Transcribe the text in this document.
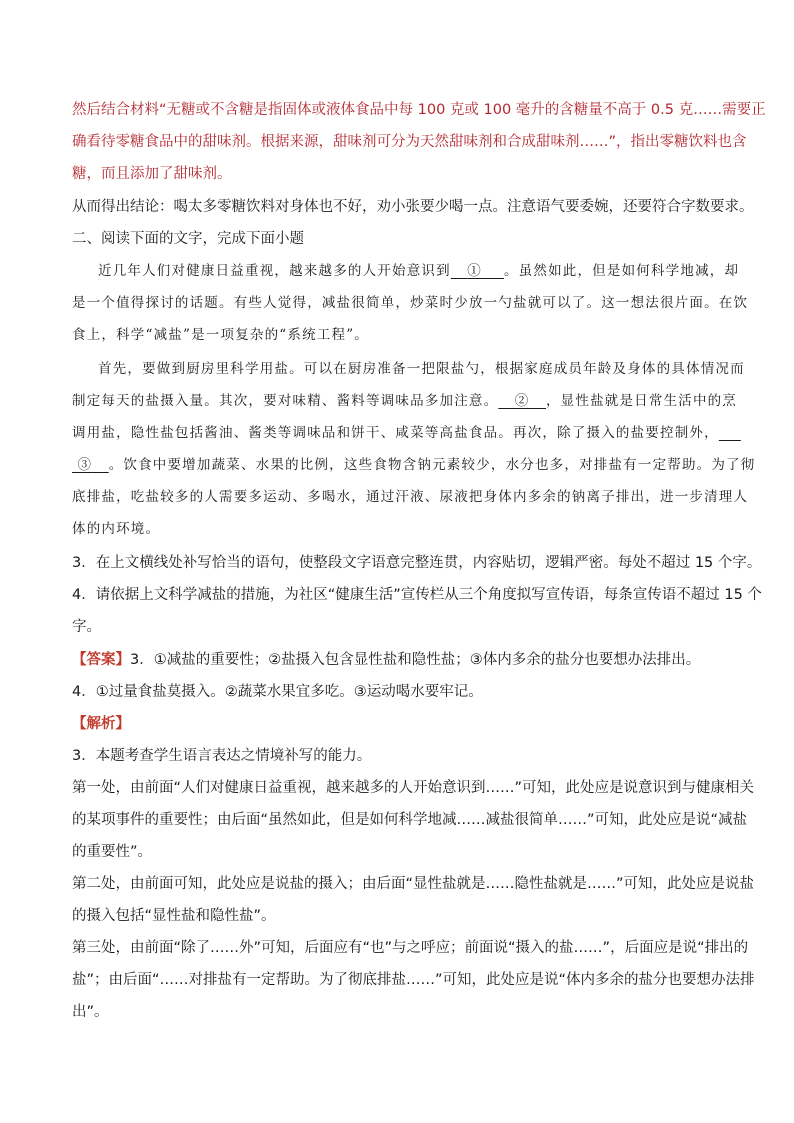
然后结合材料“无糖或不含糖是指固体或液体食品中每 100 克或 100 毫升的含糖量不高于 0.5 克……需要正
确看待零糖食品中的甜味剂。根据来源，甜味剂可分为天然甜味剂和合成甜味剂……”，指出零糖饮料也含
糖，而且添加了甜味剂。
从而得出结论：喝太多零糖饮料对身体也不好，劝小张要少喝一点。注意语气要委婉，还要符合字数要求。
二、阅读下面的文字，完成下面小题
近几年人们对健康日益重视，越来越多的人开始意识到 ① 。虽然如此，但是如何科学地减，却
是一个值得探讨的话题。有些人觉得，减盐很简单，炒菜时少放一勺盐就可以了。这一想法很片面。在饮
食上，科学“减盐”是一项复杂的“系统工程”。
首先，要做到厨房里科学用盐。可以在厨房准备一把限盐勺，根据家庭成员年龄及身体的具体情况而
制定每天的盐摄入量。其次，要对味精、酱料等调味品多加注意。 ② ，显性盐就是日常生活中的烹
调用盐，隐性盐包括酱油、酱类等调味品和饼干、咸菜等高盐食品。再次，除了摄入的盐要控制外，
③ 。饮食中要增加蔬菜、水果的比例，这些食物含钠元素较少，水分也多，对排盐有一定帮助。为了彻
底排盐，吃盐较多的人需要多运动、多喝水，通过汗液、尿液把身体内多余的钠离子排出，进一步清理人
体的内环境。
3．在上文横线处补写恰当的语句，使整段文字语意完整连贯，内容贴切，逻辑严密。每处不超过 15 个字。
4．请依据上文科学减盐的措施，为社区“健康生活”宣传栏从三个角度拟写宣传语，每条宣传语不超过 15 个
字。
【答案】3．①减盐的重要性；②盐摄入包含显性盐和隐性盐；③体内多余的盐分也要想办法排出。
4．①过量食盐莫摄入。②蔬菜水果宜多吃。③运动喝水要牢记。
【解析】
3．本题考查学生语言表达之情境补写的能力。
第一处，由前面“人们对健康日益重视，越来越多的人开始意识到……”可知，此处应是说意识到与健康相关
的某项事件的重要性；由后面“虽然如此，但是如何科学地减……减盐很简单……”可知，此处应是说“减盐
的重要性”。
第二处，由前面可知，此处应是说盐的摄入；由后面“显性盐就是……隐性盐就是……”可知，此处应是说盐
的摄入包括“显性盐和隐性盐”。
第三处，由前面“除了……外”可知，后面应有“也”与之呼应；前面说“摄入的盐……”，后面应是说“排出的
盐”；由后面“……对排盐有一定帮助。为了彻底排盐……”可知，此处应是说“体内多余的盐分也要想办法排
出”。
